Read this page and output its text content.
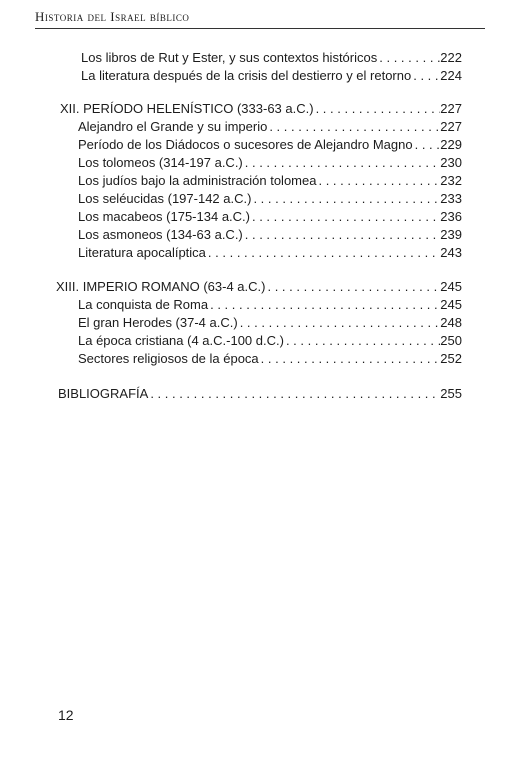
Historia del Israel bíblico
Los libros de Rut y Ester, y sus contextos históricos . . .	222
La literatura después de la crisis del destierro y el retorno . . . 224
XII. PERÍODO HELENÍSTICO (333-63 a.C.) . . .	227
Alejandro el Grande y su imperio . . .	227
Período de los Diádocos o sucesores de Alejandro Magno . . . 229
Los tolomeos (314-197 a.C.) . . .	230
Los judíos bajo la administración tolomea . . .	232
Los seléucidas (197-142 a.C.) . . .	233
Los macabeos (175-134 a.C.) . . .	236
Los asmoneos (134-63 a.C.) . . .	239
Literatura apocalíptica . . .	243
XIII. IMPERIO ROMANO (63-4 a.C.) . . .	245
La conquista de Roma . . .	245
El gran Herodes (37-4 a.C.) . . .	248
La época cristiana (4 a.C.-100 d.C.) . . .	250
Sectores religiosos de la época . . .	252
BIBLIOGRAFÍA . . .	255
12
